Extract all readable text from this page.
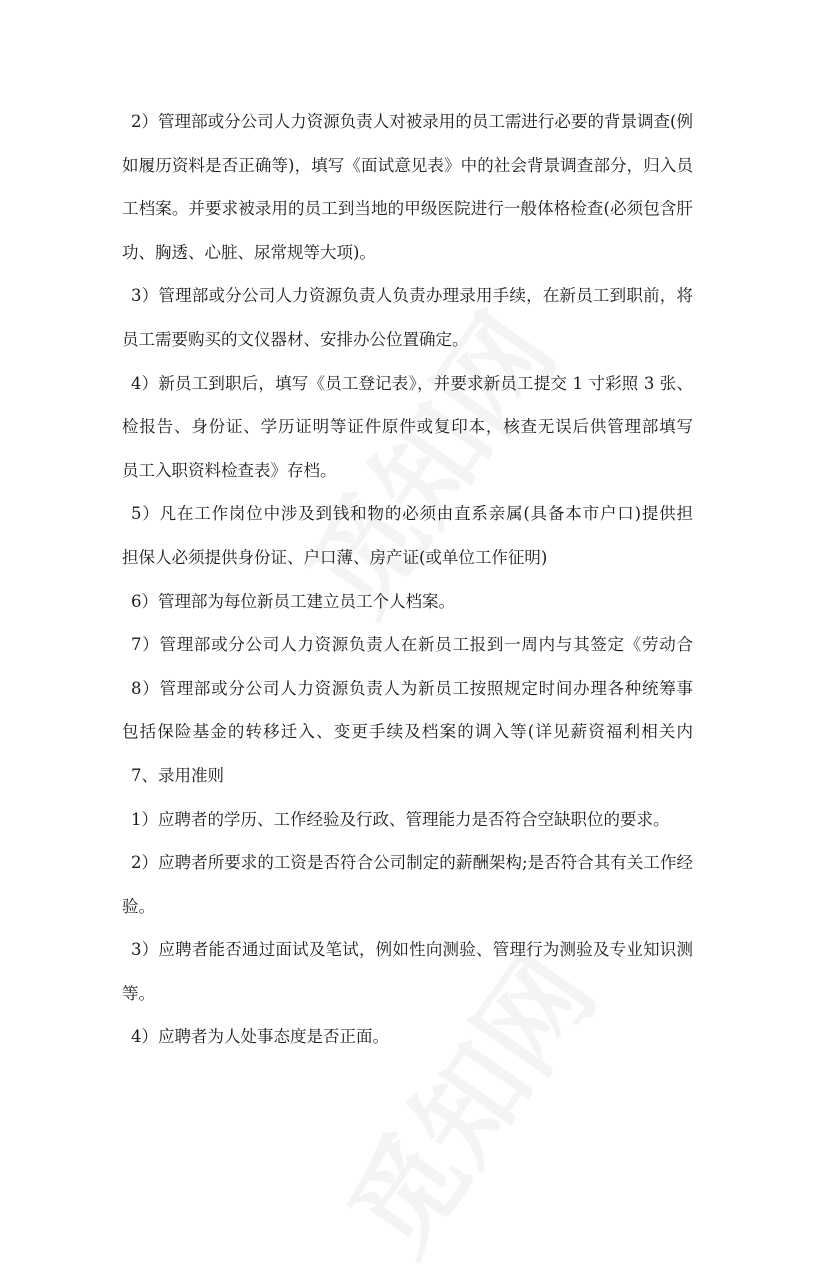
2）管理部或分公司人力资源负责人对被录用的员工需进行必要的背景调查(例
如履历资料是否正确等)，填写《面试意见表》中的社会背景调查部分，归入员
工档案。并要求被录用的员工到当地的甲级医院进行一般体格检查(必须包含肝
功、胸透、心脏、尿常规等大项)。
3）管理部或分公司人力资源负责人负责办理录用手续，在新员工到职前，将
员工需要购买的文仪器材、安排办公位置确定。
4）新员工到职后，填写《员工登记表》，并要求新员工提交 1 寸彩照 3 张、
检报告、身份证、学历证明等证件原件或复印本，核查无误后供管理部填写
员工入职资料检查表》存档。
5）凡在工作岗位中涉及到钱和物的必须由直系亲属(具备本市户口)提供担
担保人必须提供身份证、户口薄、房产证(或单位工作征明)
6）管理部为每位新员工建立员工个人档案。
7）管理部或分公司人力资源负责人在新员工报到一周内与其签定《劳动合
8）管理部或分公司人力资源负责人为新员工按照规定时间办理各种统筹事
包括保险基金的转移迁入、变更手续及档案的调入等(详见薪资福利相关内
7、录用准则
1）应聘者的学历、工作经验及行政、管理能力是否符合空缺职位的要求。
2）应聘者所要求的工资是否符合公司制定的薪酬架构;是否符合其有关工作经
验。
3）应聘者能否通过面试及笔试，例如性向测验、管理行为测验及专业知识测
等。
4）应聘者为人处事态度是否正面。
